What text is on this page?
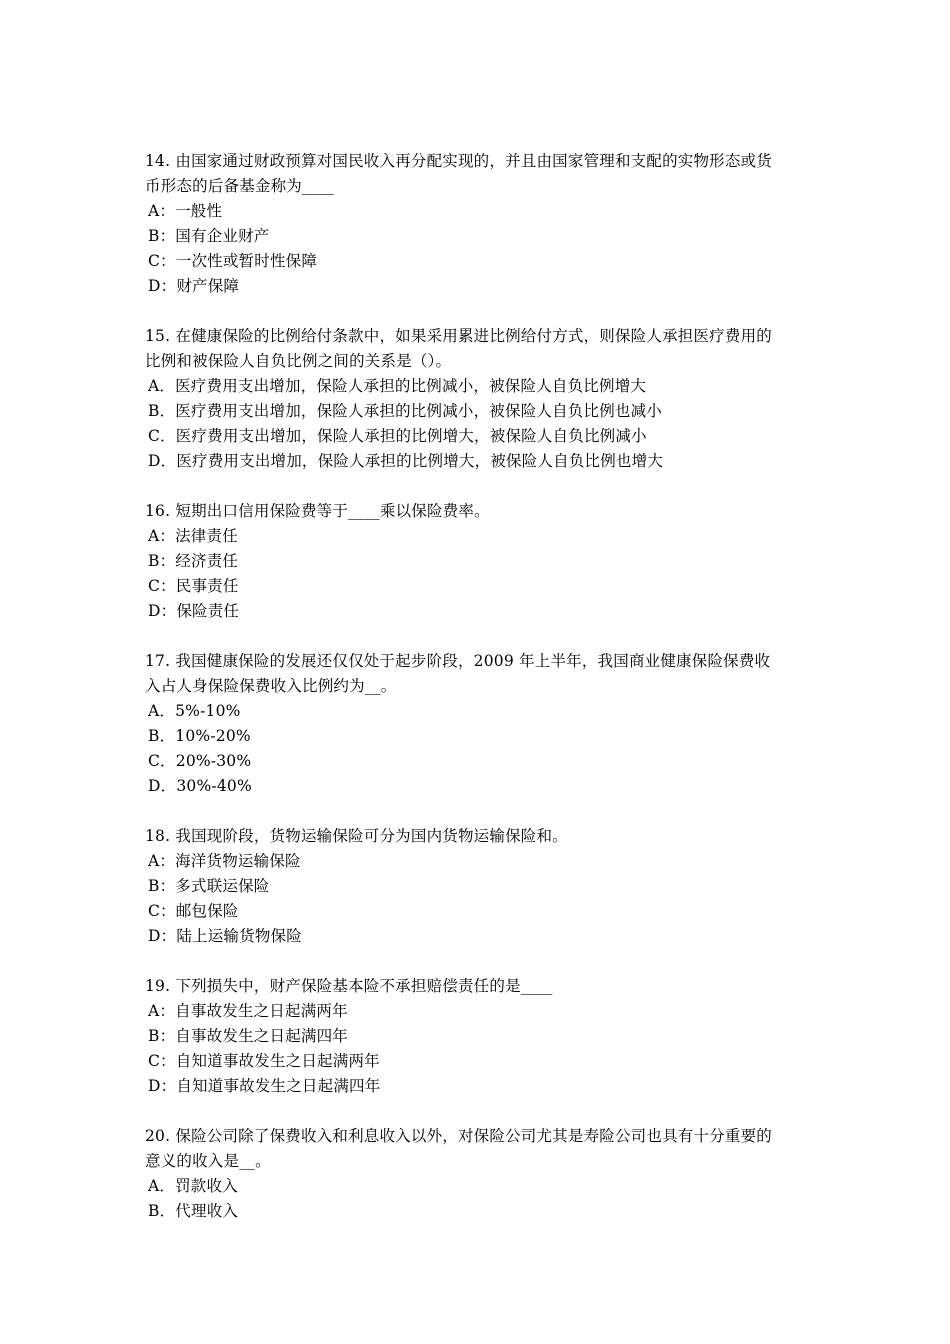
14. 由国家通过财政预算对国民收入再分配实现的，并且由国家管理和支配的实物形态或货
币形态的后备基金称为____
A：一般性
B：国有企业财产
C：一次性或暂时性保障
D：财产保障
15. 在健康保险的比例给付条款中，如果采用累进比例给付方式，则保险人承担医疗费用的
比例和被保险人自负比例之间的关系是（）。
A．医疗费用支出增加，保险人承担的比例减小，被保险人自负比例增大
B．医疗费用支出增加，保险人承担的比例减小，被保险人自负比例也减小
C．医疗费用支出增加，保险人承担的比例增大，被保险人自负比例减小
D．医疗费用支出增加，保险人承担的比例增大，被保险人自负比例也增大
16. 短期出口信用保险费等于____乘以保险费率。
A：法律责任
B：经济责任
C：民事责任
D：保险责任
17. 我国健康保险的发展还仅仅处于起步阶段，2009 年上半年，我国商业健康保险保费收
入占人身保险保费收入比例约为__。
A．5%-10%
B．10%-20%
C．20%-30%
D．30%-40%
18. 我国现阶段，货物运输保险可分为国内货物运输保险和。
A：海洋货物运输保险
B：多式联运保险
C：邮包保险
D：陆上运输货物保险
19. 下列损失中，财产保险基本险不承担赔偿责任的是____
A：自事故发生之日起满两年
B：自事故发生之日起满四年
C：自知道事故发生之日起满两年
D：自知道事故发生之日起满四年
20. 保险公司除了保费收入和利息收入以外，对保险公司尤其是寿险公司也具有十分重要的
意义的收入是__。
A．罚款收入
B．代理收入
